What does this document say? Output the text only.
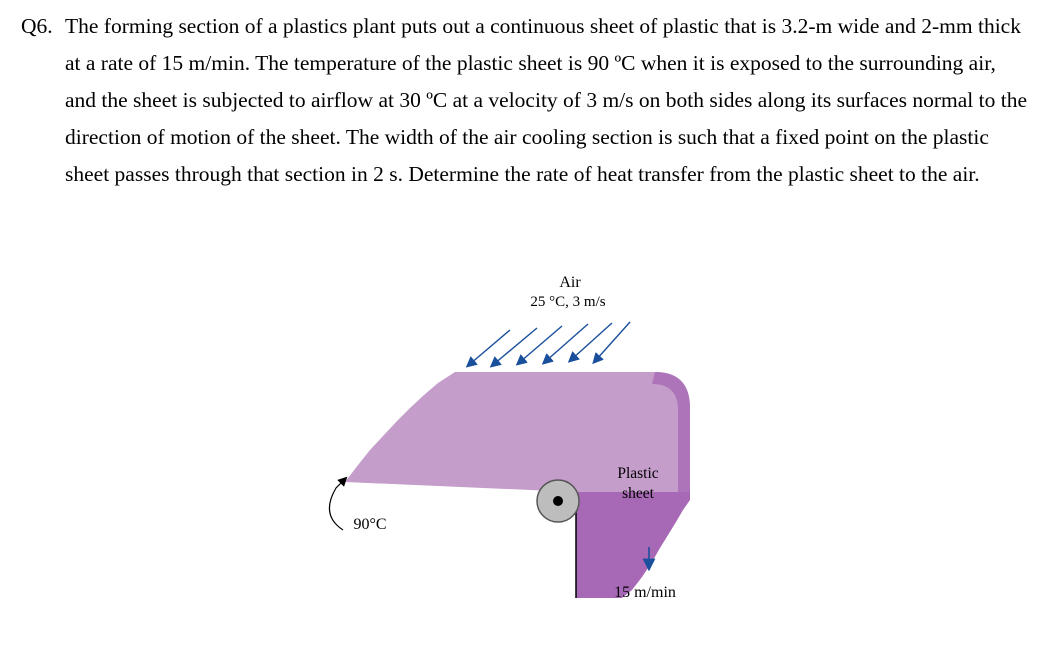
Q6. The forming section of a plastics plant puts out a continuous sheet of plastic that is 3.2-m wide and 2-mm thick at a rate of 15 m/min. The temperature of the plastic sheet is 90 ºC when it is exposed to the surrounding air, and the sheet is subjected to airflow at 30 ºC at a velocity of 3 m/s on both sides along its surfaces normal to the direction of motion of the sheet. The width of the air cooling section is such that a fixed point on the plastic sheet passes through that section in 2 s. Determine the rate of heat transfer from the plastic sheet to the air.
Air
25 °C, 3 m/s
Plastic
sheet
90°C
15 m/min
